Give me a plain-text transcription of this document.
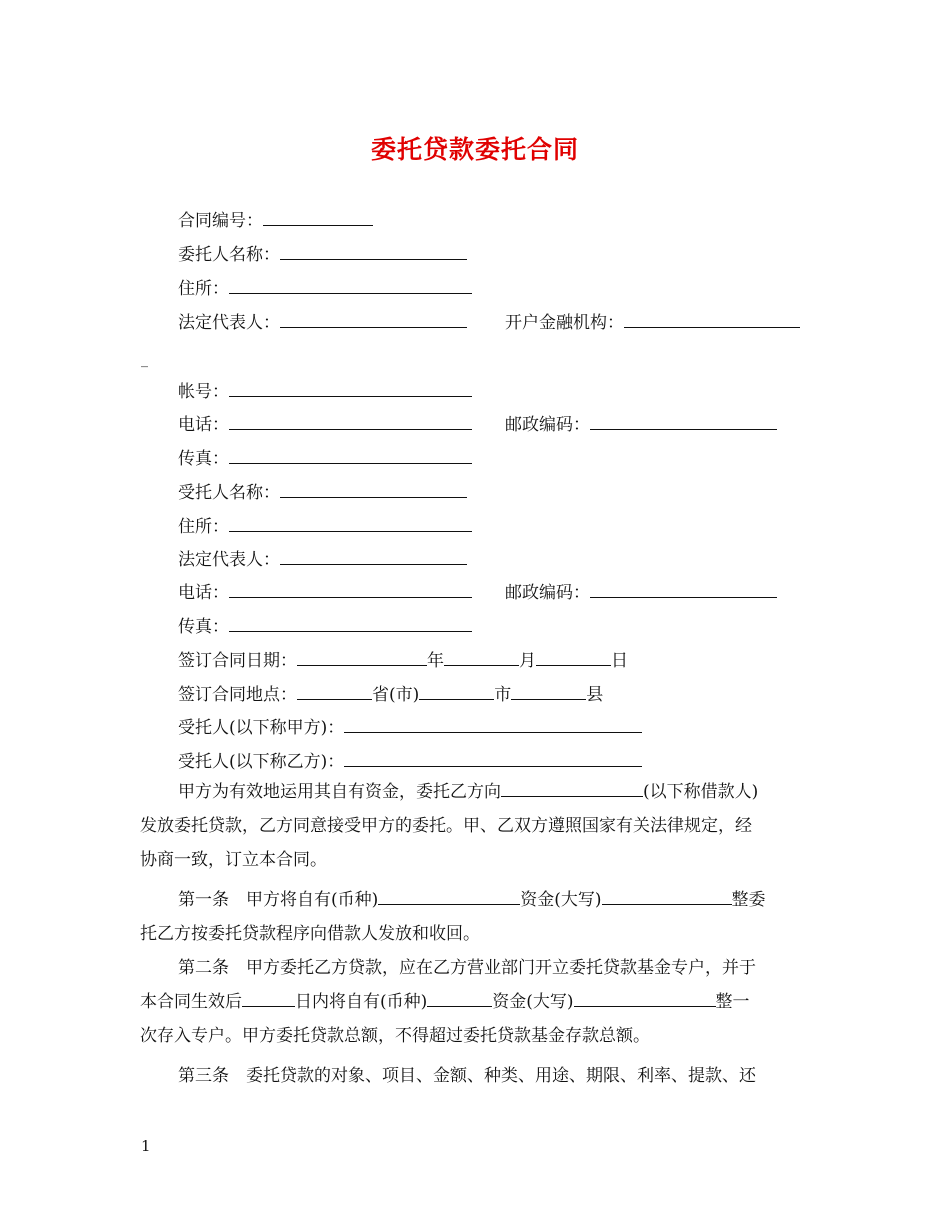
委托贷款委托合同
合同编号：
委托人名称：
住所：
法定代表人：	开户金融机构：
_
帐号：
电话：	邮政编码：
传真：
受托人名称：
住所：
法定代表人：
电话：	邮政编码：
传真：
签订合同日期：	年	月	日
签订合同地点：	省(市)	市	县
受托人(以下称甲方)：
受托人(以下称乙方)：
甲方为有效地运用其自有资金，委托乙方向	(以下称借款人)
发放委托贷款，乙方同意接受甲方的委托。甲、乙双方遵照国家有关法律规定，经
协商一致，订立本合同。
第一条　甲方将自有(币种)	资金(大写)	整委
托乙方按委托贷款程序向借款人发放和收回。
第二条　甲方委托乙方贷款，应在乙方营业部门开立委托贷款基金专户，并于
本合同生效后	日内将自有(币种)	资金(大写)	整一
次存入专户。甲方委托贷款总额，不得超过委托贷款基金存款总额。
第三条　委托贷款的对象、项目、金额、种类、用途、期限、利率、提款、还
1
